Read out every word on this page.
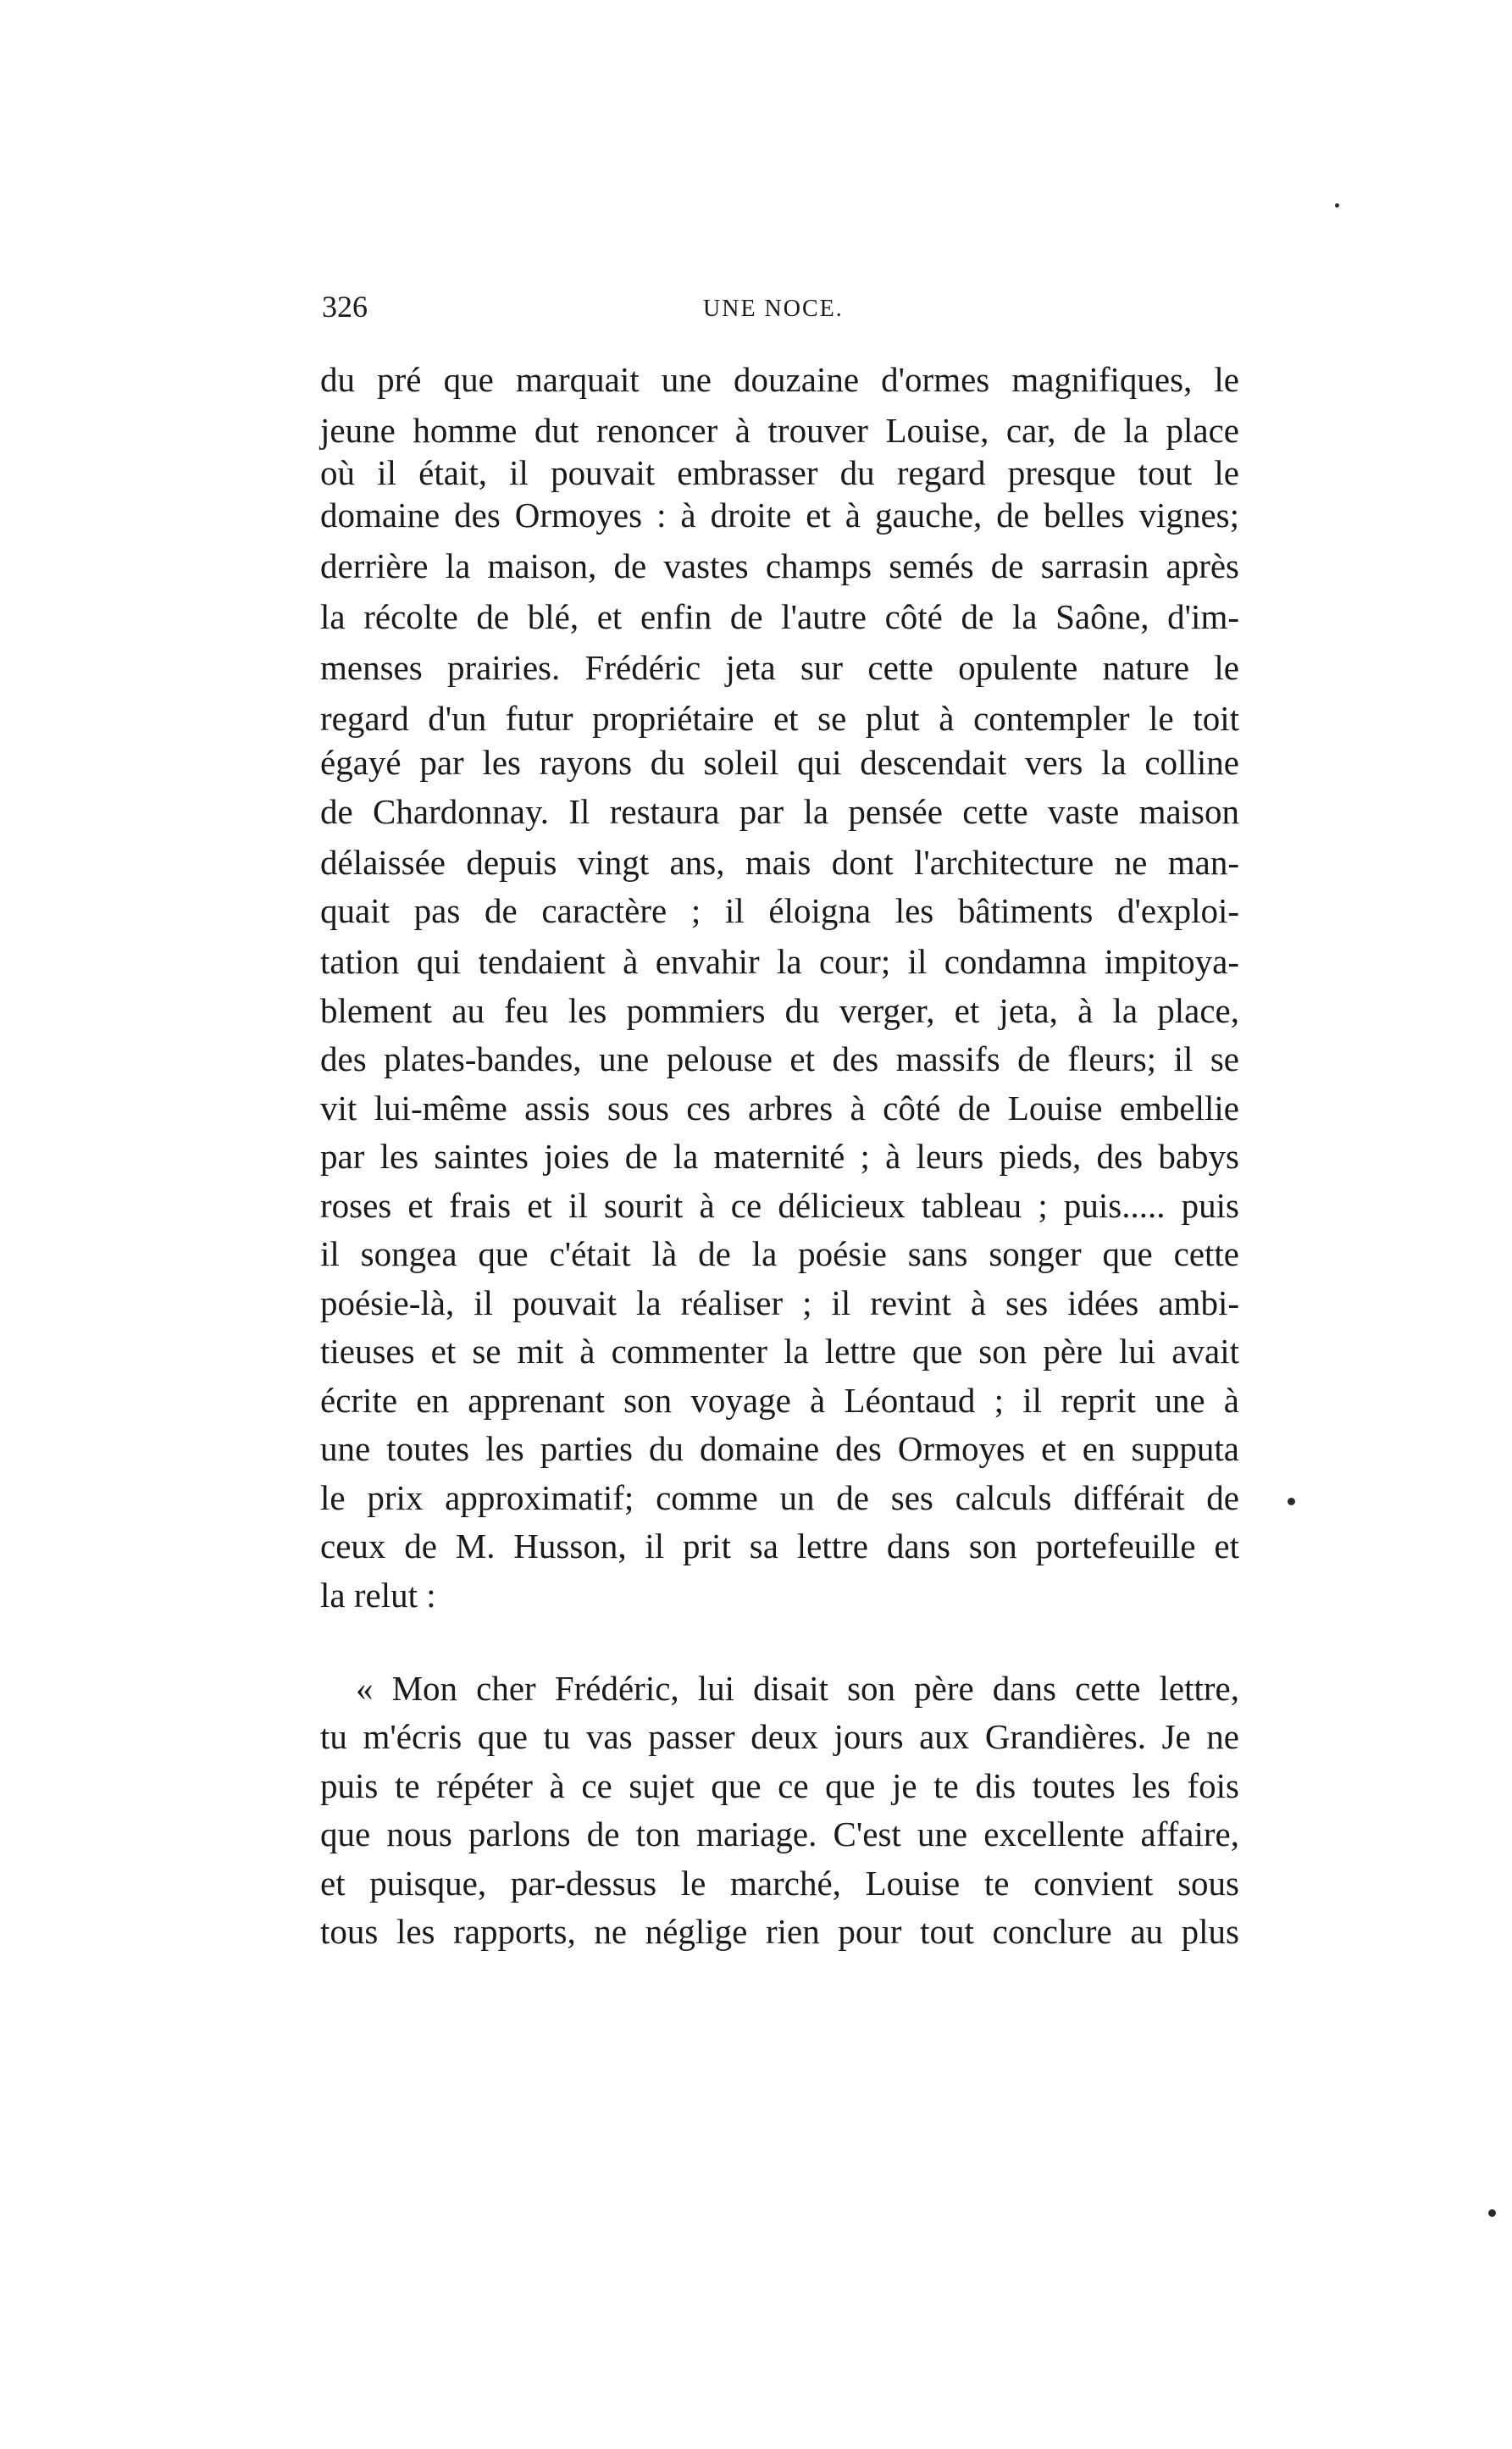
326	UNE NOCE.
du pré que marquait une douzaine d'ormes magnifiques, le
jeune homme dut renoncer à trouver Louise, car, de la place
où il était, il pouvait embrasser du regard presque tout le
domaine des Ormoyes : à droite et à gauche, de belles vignes;
derrière la maison, de vastes champs semés de sarrasin après
la récolte de blé, et enfin de l'autre côté de la Saône, d'im-
menses prairies. Frédéric jeta sur cette opulente nature le
regard d'un futur propriétaire et se plut à contempler le toit
égayé par les rayons du soleil qui descendait vers la colline
de Chardonnay. Il restaura par la pensée cette vaste maison
délaissée depuis vingt ans, mais dont l'architecture ne man-
quait pas de caractère ; il éloigna les bâtiments d'exploi-
tation qui tendaient à envahir la cour; il condamna impitoya-
blement au feu les pommiers du verger, et jeta, à la place,
des plates-bandes, une pelouse et des massifs de fleurs; il se
vit lui-même assis sous ces arbres à côté de Louise embellie
par les saintes joies de la maternité ; à leurs pieds, des babys
roses et frais et il sourit à ce délicieux tableau ; puis..... puis
il songea que c'était là de la poésie sans songer que cette
poésie-là, il pouvait la réaliser ; il revint à ses idées ambi-
tieuses et se mit à commenter la lettre que son père lui avait
écrite en apprenant son voyage à Léontaud ; il reprit une à
une toutes les parties du domaine des Ormoyes et en supputa
le prix approximatif; comme un de ses calculs différait de
ceux de M. Husson, il prit sa lettre dans son portefeuille et
la relut :
« Mon cher Frédéric, lui disait son père dans cette lettre,
tu m'écris que tu vas passer deux jours aux Grandières. Je ne
puis te répéter à ce sujet que ce que je te dis toutes les fois
que nous parlons de ton mariage. C'est une excellente affaire,
et puisque, par-dessus le marché, Louise te convient sous
tous les rapports, ne néglige rien pour tout conclure au plus
